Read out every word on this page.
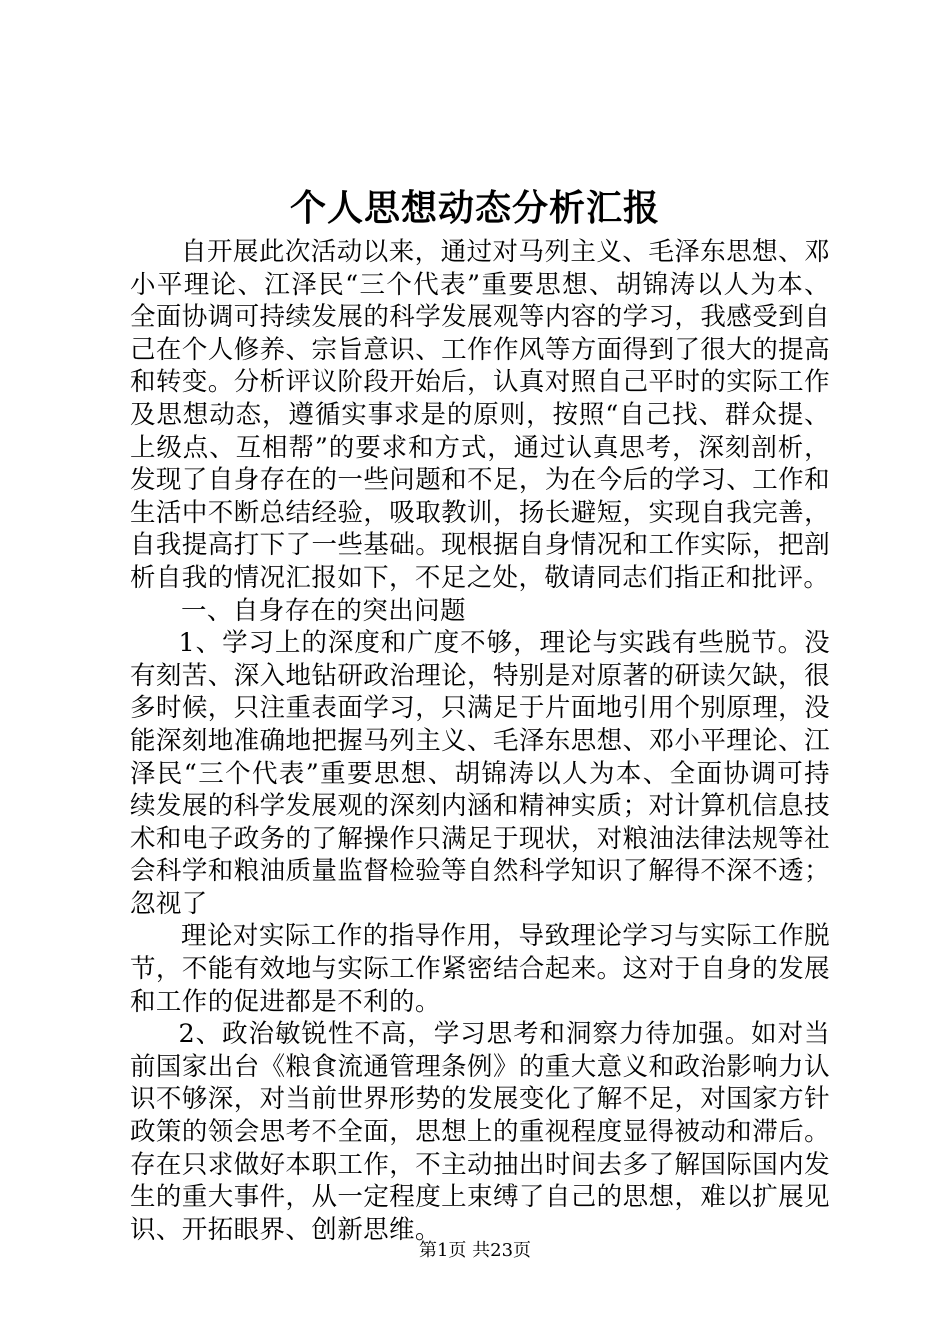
个人思想动态分析汇报

自开展此次活动以来，通过对马列主义、毛泽东思想、邓小平理论、江泽民“三个代表”重要思想、胡锦涛以人为本、全面协调可持续发展的科学发展观等内容的学习，我感受到自己在个人修养、宗旨意识、工作作风等方面得到了很大的提高和转变。分析评议阶段开始后，认真对照自己平时的实际工作及思想动态，遵循实事求是的原则，按照“自己找、群众提、上级点、互相帮”的要求和方式，通过认真思考，深刻剖析，发现了自身存在的一些问题和不足，为在今后的学习、工作和生活中不断总结经验，吸取教训，扬长避短，实现自我完善，自我提高打下了一些基础。现根据自身情况和工作实际，把剖析自我的情况汇报如下，不足之处，敬请同志们指正和批评。

一、自身存在的突出问题

1、学习上的深度和广度不够，理论与实践有些脱节。没有刻苦、深入地钻研政治理论，特别是对原著的研读欠缺，很多时候，只注重表面学习，只满足于片面地引用个别原理，没能深刻地准确地把握马列主义、毛泽东思想、邓小平理论、江泽民“三个代表”重要思想、胡锦涛以人为本、全面协调可持续发展的科学发展观的深刻内涵和精神实质；对计算机信息技术和电子政务的了解操作只满足于现状，对粮油法律法规等社会科学和粮油质量监督检验等自然科学知识了解得不深不透；忽视了

理论对实际工作的指导作用，导致理论学习与实际工作脱节，不能有效地与实际工作紧密结合起来。这对于自身的发展和工作的促进都是不利的。

2、政治敏锐性不高，学习思考和洞察力待加强。如对当前国家出台《粮食流通管理条例》的重大意义和政治影响力认识不够深，对当前世界形势的发展变化了解不足，对国家方针政策的领会思考不全面，思想上的重视程度显得被动和滞后。存在只求做好本职工作，不主动抽出时间去多了解国际国内发生的重大事件，从一定程度上束缚了自己的思想，难以扩展见识、开拓眼界、创新思维。

第1页 共23页
